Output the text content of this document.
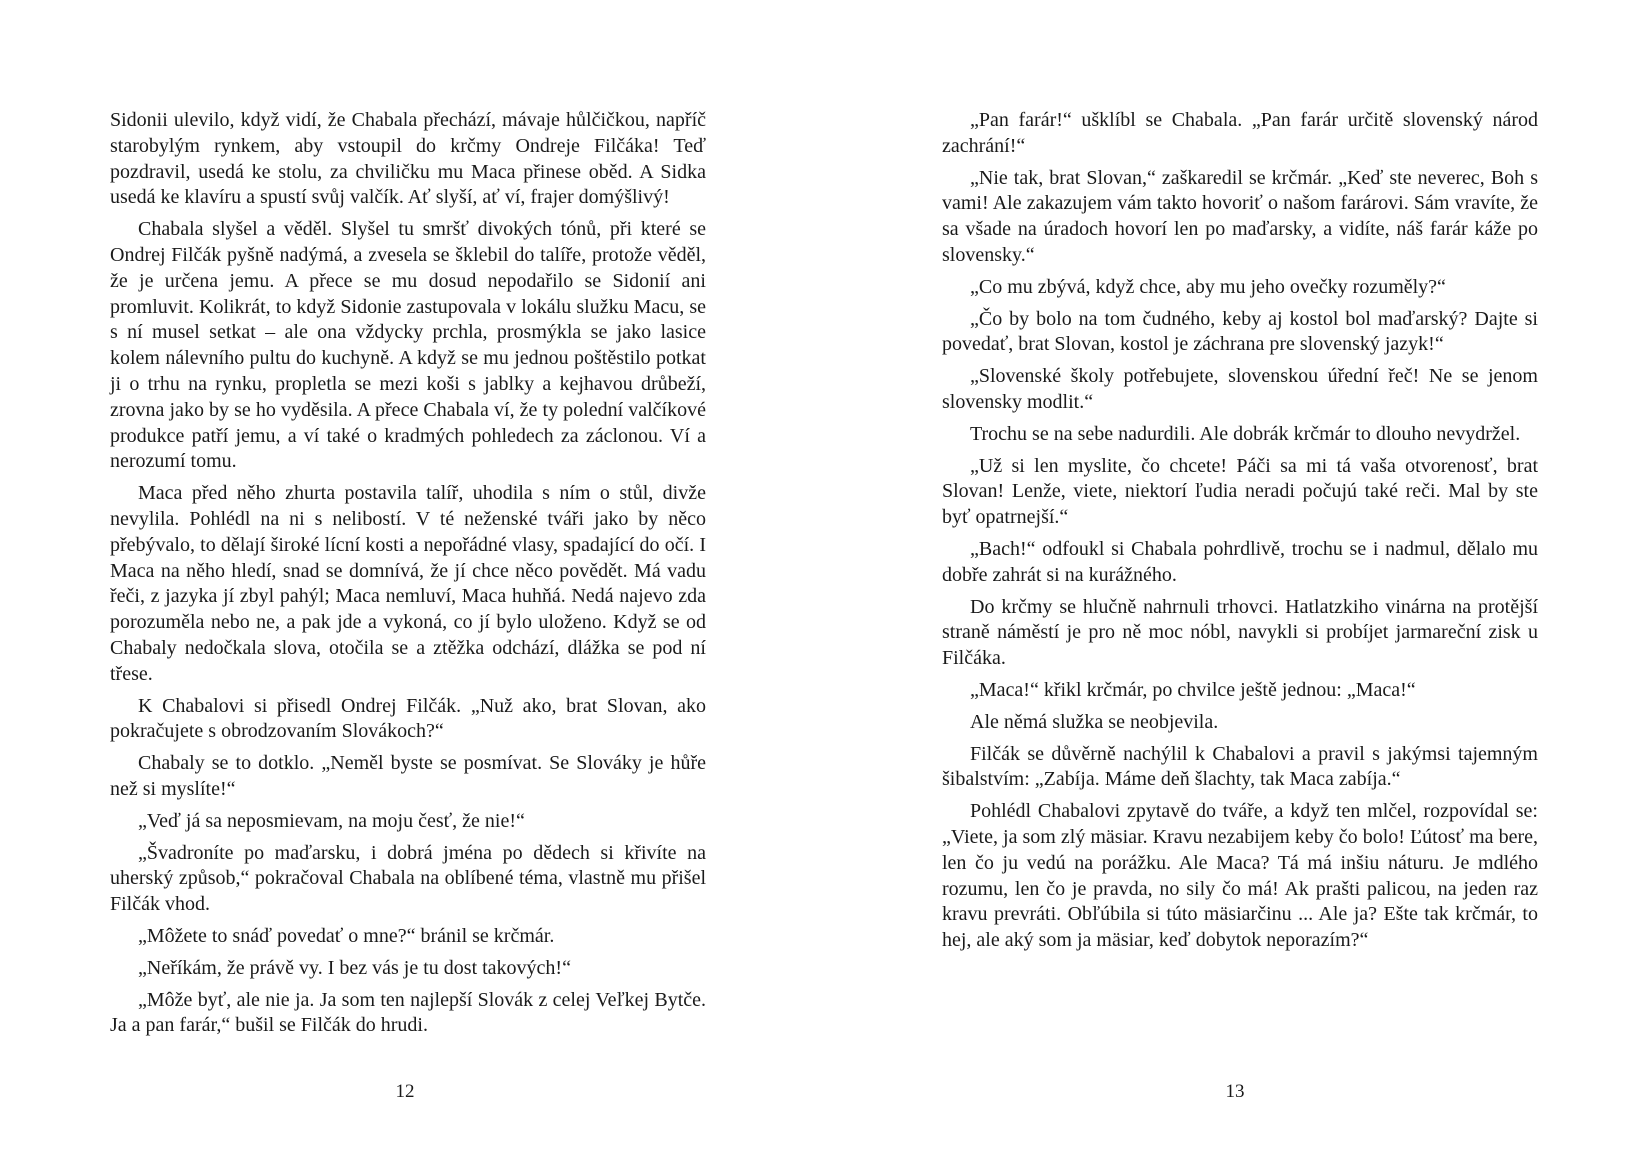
Sidonii ulevilo, když vidí, že Chabala přechází, mávaje hůlčičkou, napříč starobylým rynkem, aby vstoupil do krčmy Ondreje Filčáka! Teď pozdravil, usedá ke stolu, za chviličku mu Maca přinese oběd. A Sidka usedá ke klavíru a spustí svůj valčík. Ať slyší, ať ví, frajer domýšlivý!

Chabala slyšel a věděl. Slyšel tu smršť divokých tónů, při které se Ondrej Filčák pyšně nadýmá, a zvesela se šklebil do talíře, protože věděl, že je určena jemu. A přece se mu dosud nepodařilo se Sidonií ani promluvit. Kolikrát, to když Sidonie zastupovala v lokálu služku Macu, se s ní musel setkat – ale ona vždycky prchla, prosmýkla se jako lasice kolem nálevního pultu do kuchyně. A když se mu jednou poštěstilo potkat ji o trhu na rynku, propletla se mezi koši s jablky a kejhavou drůbeží, zrovna jako by se ho vyděsila. A přece Chabala ví, že ty polední valčíkové produkce patří jemu, a ví také o kradmých pohledech za záclonou. Ví a nerozumí tomu.

Maca před něho zhurta postavila talíř, uhodila s ním o stůl, divže nevylila. Pohlédl na ni s nelibostí. V té neženské tváři jako by něco přebývalo, to dělají široké lícní kosti a nepořádné vlasy, spadající do očí. I Maca na něho hledí, snad se domnívá, že jí chce něco povědět. Má vadu řeči, z jazyka jí zbyl pahýl; Maca nemluví, Maca huhňá. Nedá najevo zda porozuměla nebo ne, a pak jde a vykoná, co jí bylo uloženo. Když se od Chabaly nedočkala slova, otočila se a ztěžka odchází, dlážka se pod ní třese.

K Chabalovi si přisedl Ondrej Filčák. „Nuž ako, brat Slovan, ako pokračujete s obrodzovaním Slovákoch?“

Chabaly se to dotklo. „Neměl byste se posmívat. Se Slováky je hůře než si myslíte!“

„Veď já sa neposmievam, na moju česť, že nie!“

„Švadroníte po maďarsku, i dobrá jména po dědech si křivíte na uherský způsob,“ pokračoval Chabala na oblíbené téma, vlastně mu přišel Filčák vhod.

„Môžete to snáď povedať o mne?“ bránil se krčmár.

„Neříkám, že právě vy. I bez vás je tu dost takových!“

„Môže byť, ale nie ja. Ja som ten najlepší Slovák z celej Veľkej Bytče. Ja a pan farár,“ bušil se Filčák do hrudi.

12

„Pan farár!“ ušklíbl se Chabala. „Pan farár určitě slovenský národ zachrání!“

„Nie tak, brat Slovan,“ zaškaredil se krčmár. „Keď ste neverec, Boh s vami! Ale zakazujem vám takto hovoriť o našom farárovi. Sám vravíte, že sa všade na úradoch hovorí len po maďarsky, a vidíte, náš farár káže po slovensky.“

„Co mu zbývá, když chce, aby mu jeho ovečky rozuměly?“

„Čo by bolo na tom čudného, keby aj kostol bol maďarský? Dajte si povedať, brat Slovan, kostol je záchrana pre slovenský jazyk!“

„Slovenské školy potřebujete, slovenskou úřední řeč! Ne se jenom slovensky modlit.“

Trochu se na sebe nadurdili. Ale dobrák krčmár to dlouho nevydržel.

„Už si len myslite, čo chcete! Páči sa mi tá vaša otvorenosť, brat Slovan! Lenže, viete, niektorí ľudia neradi počujú také reči. Mal by ste byť opatrnejší.“

„Bach!“ odfoukl si Chabala pohrdlivě, trochu se i nadmul, dělalo mu dobře zahrát si na kurážného.

Do krčmy se hlučně nahrnuli trhovci. Hatlatzkiho vinárna na protější straně náměstí je pro ně moc nóbl, navykli si probíjet jarmareční zisk u Filčáka.

„Maca!“ křikl krčmár, po chvilce ještě jednou: „Maca!“

Ale němá služka se neobjevila.

Filčák se důvěrně nachýlil k Chabalovi a pravil s jakýmsi tajemným šibalstvím: „Zabíja. Máme deň šlachty, tak Maca zabíja.“

Pohlédl Chabalovi zpytavě do tváře, a když ten mlčel, rozpovídal se: „Viete, ja som zlý mäsiar. Kravu nezabijem keby čo bolo! Ľútosť ma bere, len čo ju vedú na porážku. Ale Maca? Tá má inšiu náturu. Je mdlého rozumu, len čo je pravda, no sily čo má! Ak prašti palicou, na jeden raz kravu prevráti. Obľúbila si túto mäsiarčinu ... Ale ja? Ešte tak krčmár, to hej, ale aký som ja mäsiar, keď dobytok neporazím?“

13
